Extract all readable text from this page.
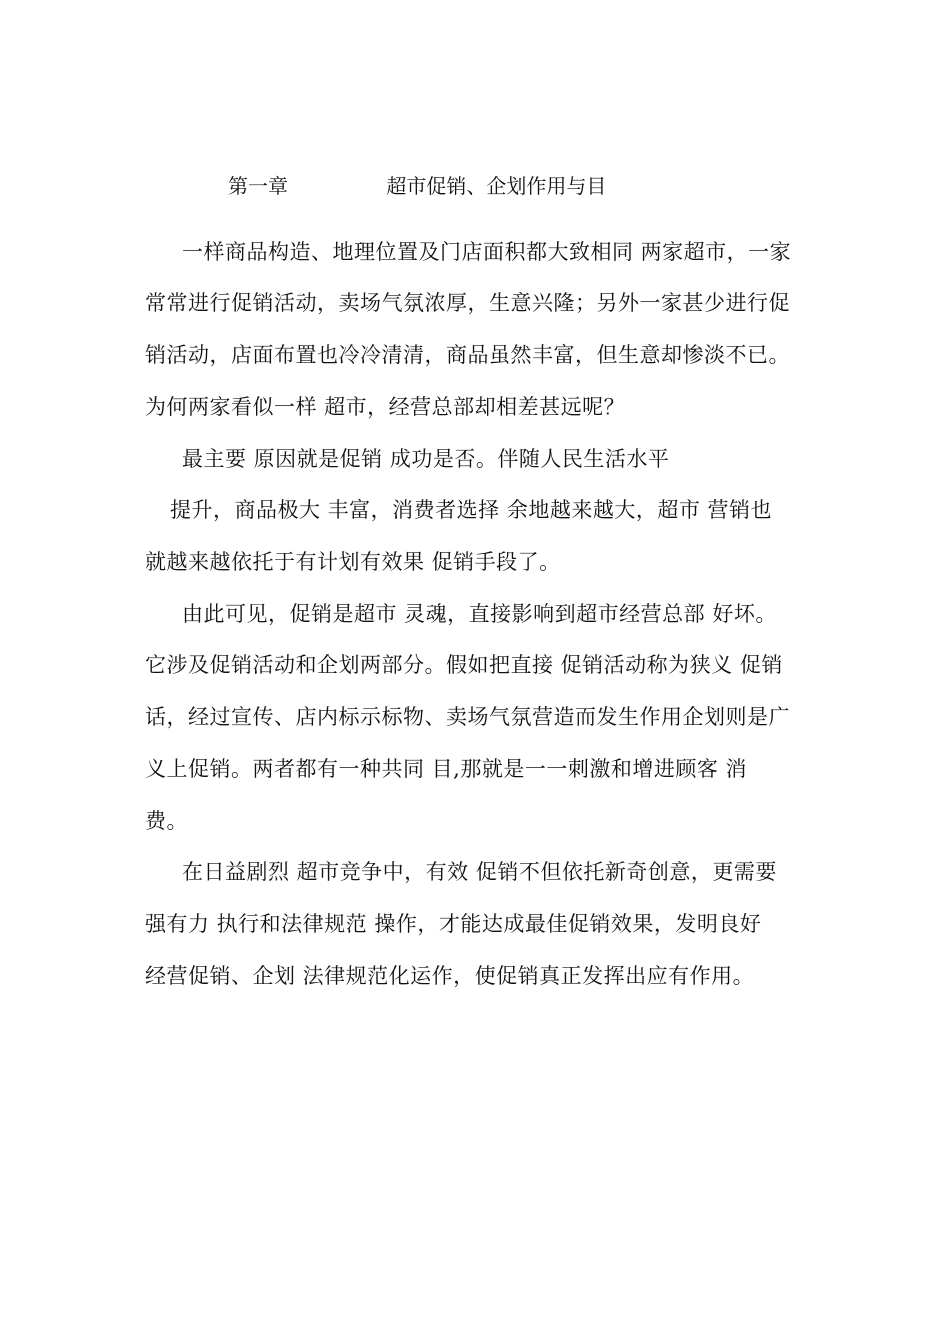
第一章	超市促销、企划作用与目
一样商品构造、地理位置及门店面积都大致相同 两家超市，一家
常常进行促销活动，卖场气氛浓厚，生意兴隆；另外一家甚少进行促
销活动，店面布置也冷冷清清，商品虽然丰富，但生意却惨淡不已。
为何两家看似一样 超市，经营总部却相差甚远呢？
最主要 原因就是促销 成功是否。伴随人民生活水平
提升，商品极大 丰富，消费者选择 余地越来越大，超市 营销也
就越来越依托于有计划有效果 促销手段了。
由此可见，促销是超市 灵魂，直接影响到超市经营总部 好坏。
它涉及促销活动和企划两部分。假如把直接 促销活动称为狭义 促销
话，经过宣传、店内标示标物、卖场气氛营造而发生作用企划则是广
义上促销。两者都有一种共同 目,那就是一一刺激和增进顾客 消
费。
在日益剧烈 超市竞争中，有效 促销不但依托新奇创意，更需要
强有力 执行和法律规范 操作，才能达成最佳促销效果，发明良好
经营促销、企划 法律规范化运作，使促销真正发挥出应有作用。
